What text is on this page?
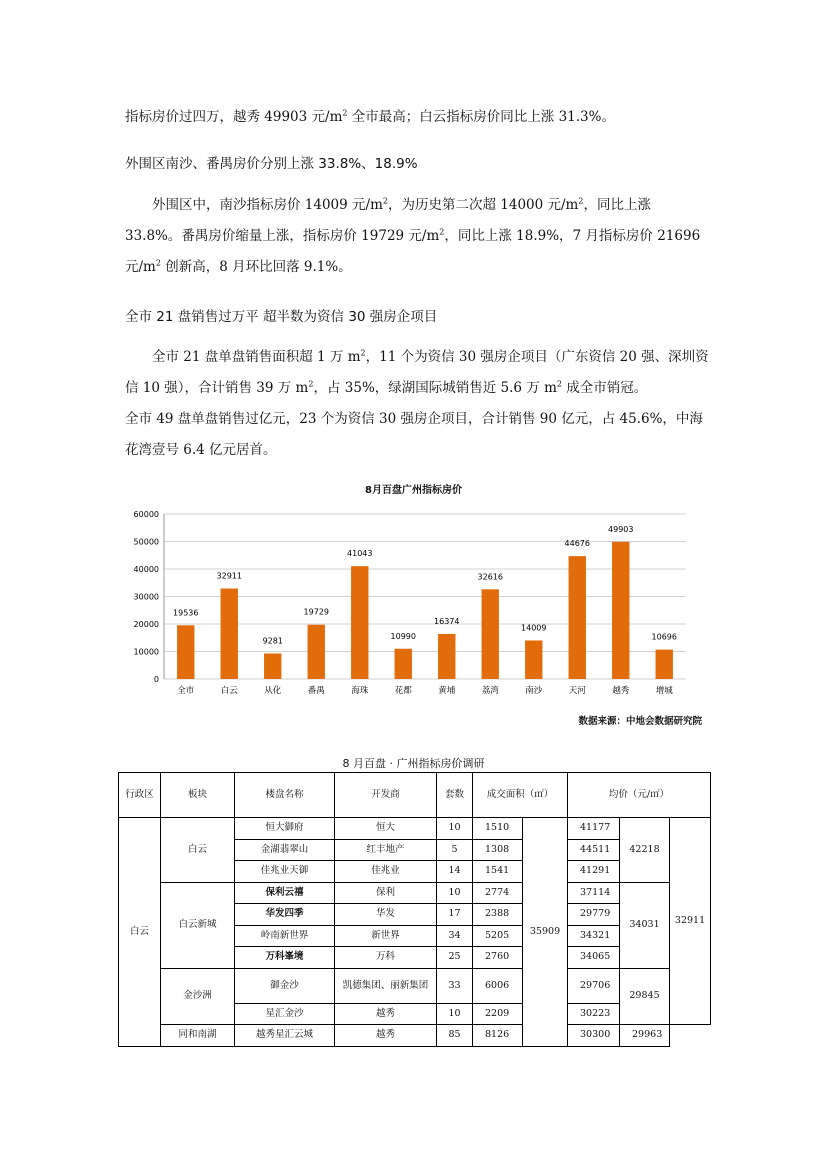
指标房价过四万，越秀 49903 元$/m^2$ 全市最高；白云指标房价同比上涨 31.3%。

外围区南沙、番禺房价分别上涨 33.8%、18.9%

外围区中，南沙指标房价 14009 元$/m^2$，为历史第二次超 14000 元$/m^2$，同比上涨 33.8%。番禺房价缩量上涨，指标房价 19729 元$/m^2$，同比上涨 18.9%，7 月指标房价 21696 元$/m^2$ 创新高，8 月环比回落 9.1%。

全市 21 盘销售过万平 超半数为资信 30 强房企项目

全市 21 盘单盘销售面积超 1 万 $m^2$，11 个为资信 30 强房企项目（广东资信 20 强、深圳资信 10 强），合计销售 39 万 $m^2$，占 35%，绿湖国际城销售近 5.6 万 $m^2$ 成全市销冠。

全市 49 盘单盘销售过亿元，23 个为资信 30 强房企项目，合计销售 90 亿元，占 45.6%，中海花湾壹号 6.4 亿元居首。

8月百盘广州指标房价
19536
全市
32911
白云
9281
从化
19729
番禺
41043
海珠
10990
花都
16374
黄埔
32616
荔湾
14009
南沙
44676
天河
49903
越秀
10696
增城
0
10000
20000
30000
40000
50000
60000
数据来源：中地会数据研究院
8 月百盘 · 广州指标房价调研
行政区	板块	楼盘名称	开发商	套数	成交面积（㎡）		均价（元/㎡）		
白云	白云	恒大御府	恒大	10	1510	35909	41177	42218	32911
		金湖翡翠山	红丰地产	5	1308		44511		
		佳兆业天御	佳兆业	14	1541		41291		
	白云新城	保利云禧	保利	10	2774		37114	34031	
		华发四季	华发	17	2388		29779		
		岭南新世界	新世界	34	5205		34321		
		万科峯境	万科	25	2760		34065		
	金沙洲	御金沙	凯德集团、丽新集团	33	6006		29706	29845	
		星汇金沙	越秀	10	2209		30223		
	同和南湖	越秀星汇云城	越秀	85	8126		30300	29963	
